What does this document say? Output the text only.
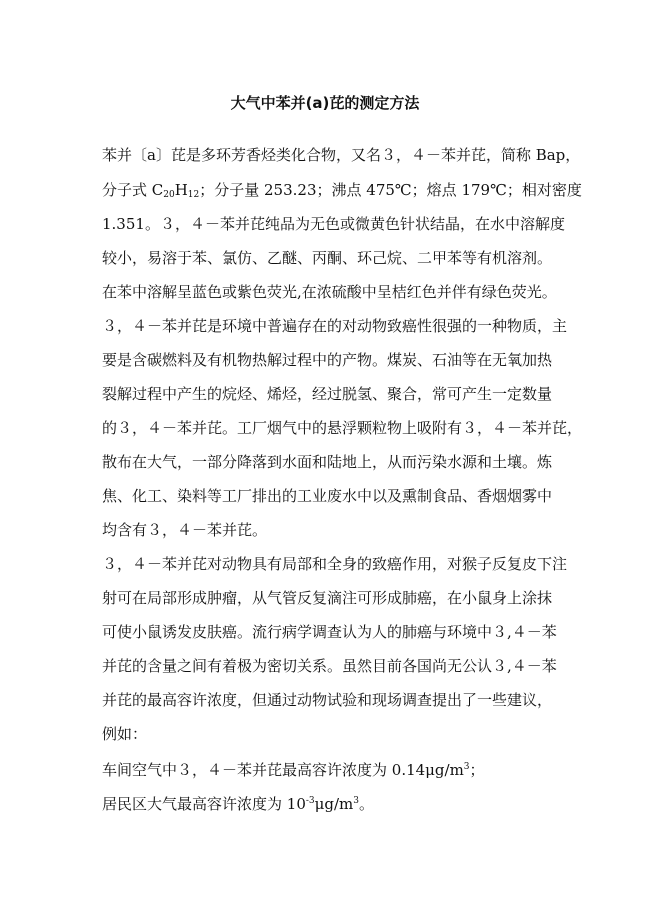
大气中苯并(a)芘的测定方法
苯并〔a〕芘是多环芳香烃类化合物，又名３，４－苯并芘，简称 Bap，
分子式 $C_{20}H_{12}$；分子量 253.23；沸点 475℃；熔点 179℃；相对密度
1.351。３，４－苯并芘纯品为无色或微黄色针状结晶，在水中溶解度
较小，易溶于苯、氯仿、乙醚、丙酮、环己烷、二甲苯等有机溶剂。
在苯中溶解呈蓝色或紫色荧光,在浓硫酸中呈桔红色并伴有绿色荧光。
３，４－苯并芘是环境中普遍存在的对动物致癌性很强的一种物质，主
要是含碳燃料及有机物热解过程中的产物。煤炭、石油等在无氧加热
裂解过程中产生的烷烃、烯烃，经过脱氢、聚合，常可产生一定数量
的３，４－苯并芘。工厂烟气中的悬浮颗粒物上吸附有３，４－苯并芘，
散布在大气，一部分降落到水面和陆地上，从而污染水源和土壤。炼
焦、化工、染料等工厂排出的工业废水中以及熏制食品、香烟烟雾中
均含有３，４－苯并芘。
３，４－苯并芘对动物具有局部和全身的致癌作用，对猴子反复皮下注
射可在局部形成肿瘤，从气管反复滴注可形成肺癌，在小鼠身上涂抹
可使小鼠诱发皮肤癌。流行病学调查认为人的肺癌与环境中３,４－苯
并芘的含量之间有着极为密切关系。虽然目前各国尚无公认３,４－苯
并芘的最高容许浓度，但通过动物试验和现场调查提出了一些建议，
例如：
车间空气中３，４－苯并芘最高容许浓度为 $0.14\mu g/m^3$；
居民区大气最高容许浓度为 $10^{-3}\mu g/m^3$。
